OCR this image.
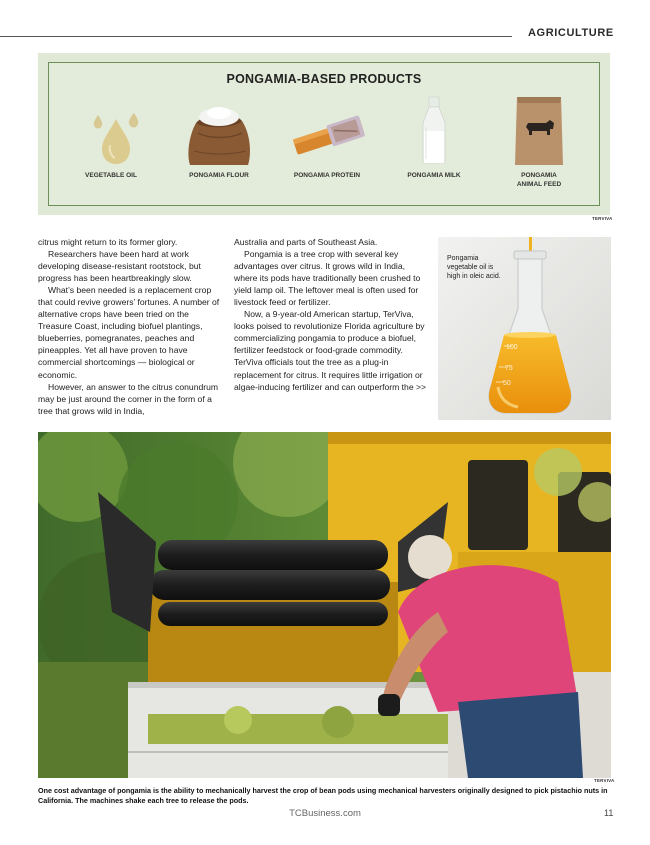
AGRICULTURE
PONGAMIA-BASED PRODUCTS
VEGETABLE OIL	PONGAMIA FLOUR	PONGAMIA PROTEIN	PONGAMIA MILK	PONGAMIA
ANIMAL FEED
TERVIVA

citrus might return to its former glory.

Researchers have been hard at work developing disease-resistant rootstock, but progress has been heartbreakingly slow.

What’s been needed is a replacement crop that could revive growers’ fortunes. A number of alternative crops have been tried on the Treasure Coast, including biofuel plantings, blueberries, pomegranates, peaches and pineapples. Yet all have proven to have commercial shortcomings — biological or economic.

However, an answer to the citrus conundrum may be just around the corner in the form of a tree that grows wild in India,

Australia and parts of Southeast Asia.

Pongamia is a tree crop with several key advantages over citrus. It grows wild in India, where its pods have traditionally been crushed to yield lamp oil. The leftover meal is often used for livestock feed or fertilizer.

Now, a 9-year-old American startup, TerViva, looks poised to revolutionize Florida agriculture by commercializing pongamia to produce a biofuel, fertilizer feedstock or food-grade commodity. TerViva officials tout the tree as a plug-in replacement for citrus. It requires little irrigation or algae-inducing fertilizer and can outperform the >>

100
75
50
Pongamia vegetable oil is high in oleic acid.
TERVIVA
One cost advantage of pongamia is the ability to mechanically harvest the crop of bean pods using mechanical harvesters originally designed to pick pistachio nuts in California. The machines shake each tree to release the pods.
TCBusiness.com	11
